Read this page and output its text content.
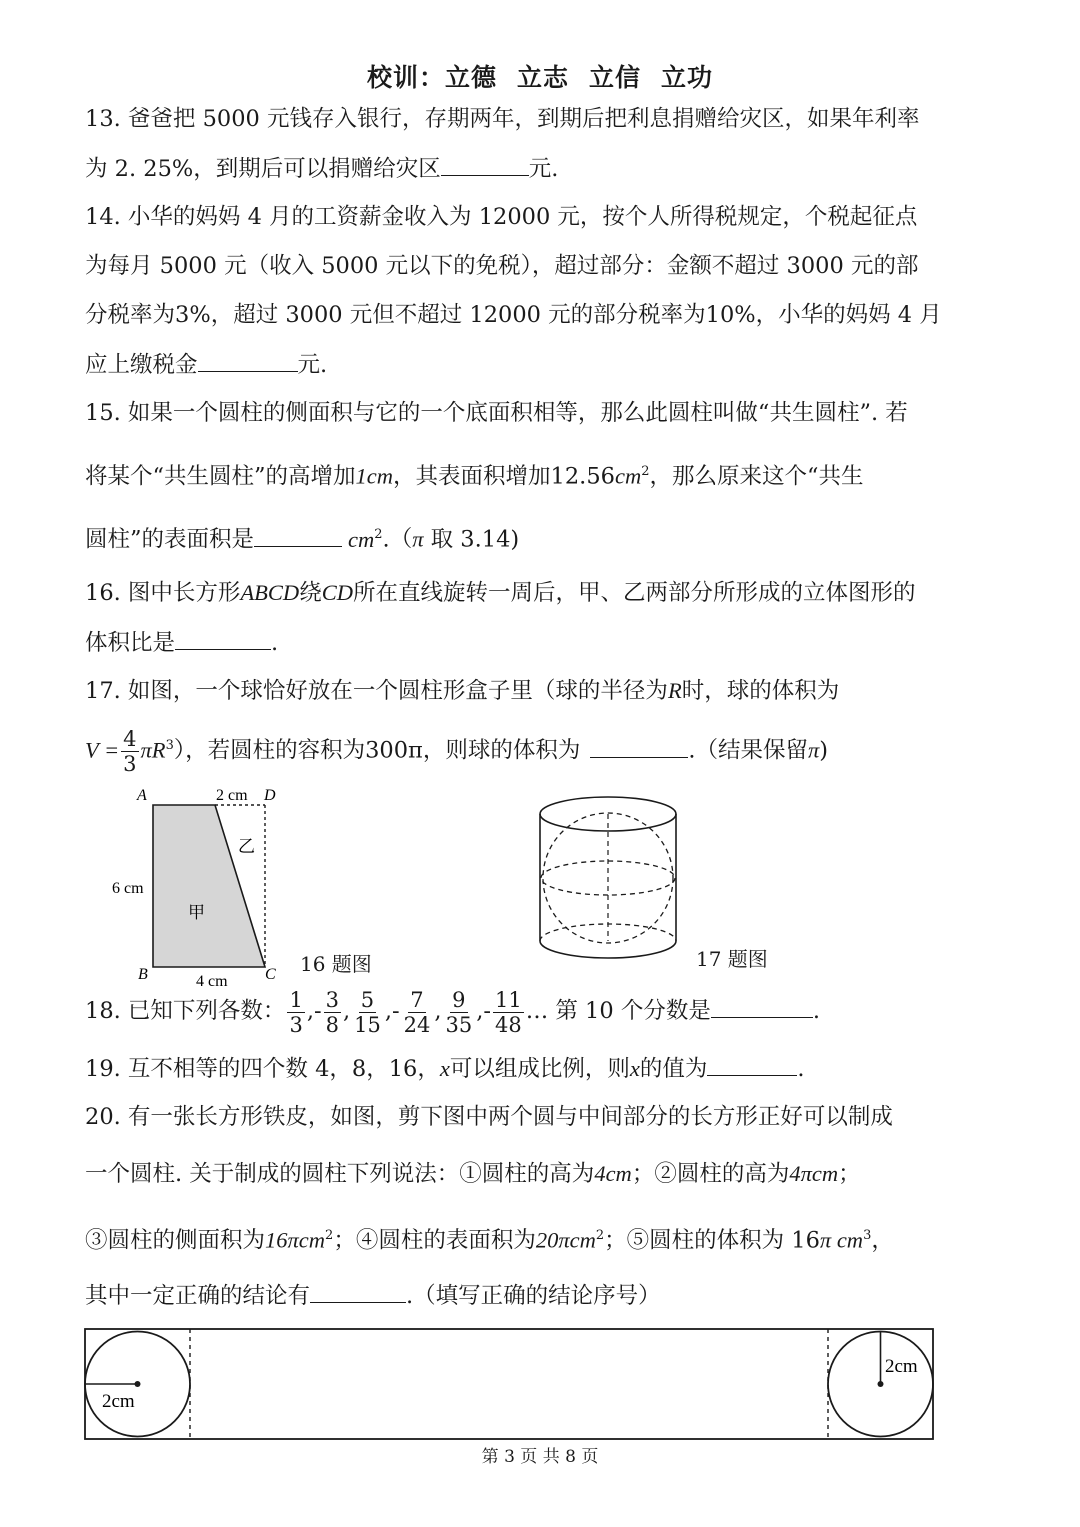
校训：立德 立志 立信 立功
13. 爸爸把 5000 元钱存入银行，存期两年，到期后把利息捐赠给灾区，如果年利率
为 2. 25%，到期后可以捐赠给灾区	元.
14. 小华的妈妈 4 月的工资薪金收入为 12000 元，按个人所得税规定，个税起征点
为每月 5000 元（收入 5000 元以下的免税），超过部分：金额不超过 3000 元的部
分税率为3%，超过 3000 元但不超过 12000 元的部分税率为10%，小华的妈妈 4 月
应上缴税金	元.
15. 如果一个圆柱的侧面积与它的一个底面积相等，那么此圆柱叫做“共生圆柱”. 若
将某个“共生圆柱”的高增加1cm，其表面积增加$12.56cm^2$，那么原来这个“共生
圆柱”的表面积是	$cm^2.(\pi$ 取 3.14)
16. 图中长方形ABCD绕CD所在直线旋转一周后，甲、乙两部分所形成的立体图形的
体积比是	.
17. 如图，一个球恰好放在一个圆柱形盒子里（球的半径为R时，球的体积为
$V = \frac{4}{3} \pi R^3$），若圆柱的容积为300π，则球的体积为	.（结果保留π)
A	D
B	C
2 cm
6 cm
4 cm
甲
乙
16 题图	17 题图
18. 已知下列各数： $\frac{1}{3}$ ,- $\frac{3}{8}$ , $\frac{5}{15}$ ,- $\frac{7}{24}$ , $\frac{9}{35}$ ,- $\frac{11}{48}$ … 第 10 个分数是	.
19. 互不相等的四个数 4，8，16，x可以组成比例，则x的值为	.
20. 有一张长方形铁皮，如图，剪下图中两个圆与中间部分的长方形正好可以制成
一个圆柱. 关于制成的圆柱下列说法：①圆柱的高为4cm；②圆柱的高为4πcm；
③圆柱的侧面积为16πcm$^2$；④圆柱的表面积为20πcm$^2$；⑤圆柱的体积为 16π $cm^3$，
其中一定正确的结论有	.（填写正确的结论序号）
2cm
2cm
第 3 页 共 8 页
